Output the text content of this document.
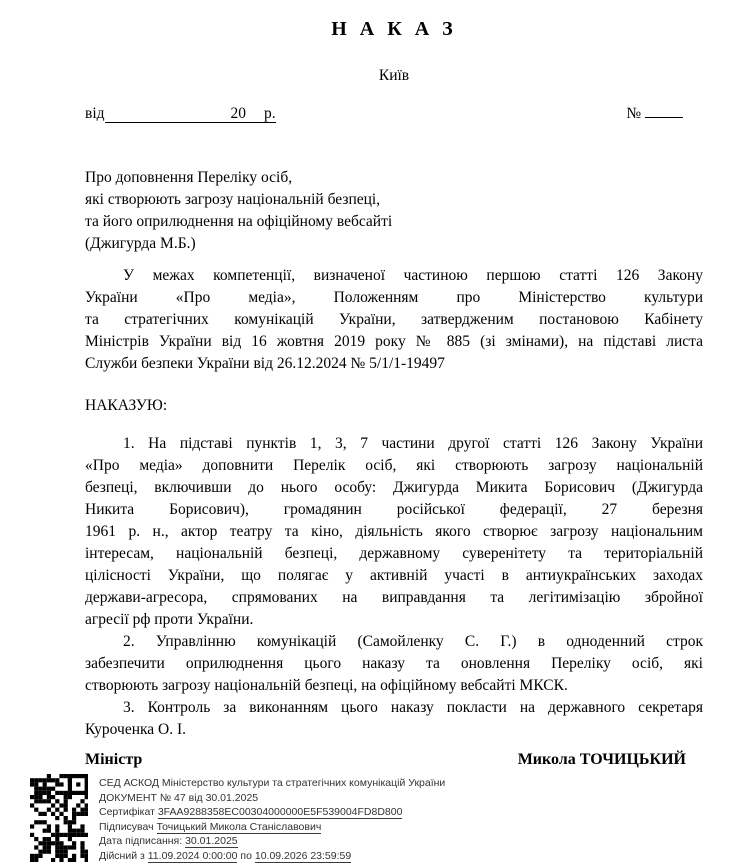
Н А К А З
Київ
від	20 р.	№
Про доповнення Переліку осіб,
які створюють загрозу національній безпеці,
та його оприлюднення на офіційному вебсайті
(Джигурда М.Б.)
У межах компетенції, визначеної частиною першою статті 126 Закону
України «Про медіа», Положенням про Міністерство культури
та стратегічних комунікацій України, затвердженим постановою Кабінету
Міністрів України від 16 жовтня 2019 року № 885 (зі змінами), на підставі листа
Служби безпеки України від 26.12.2024 № 5/1/1-19497
НАКАЗУЮ:
1. На підставі пунктів 1, 3, 7 частини другої статті 126 Закону України
«Про медіа» доповнити Перелік осіб, які створюють загрозу національній
безпеці, включивши до нього особу: Джигурда Микита Борисович (Джигурда
Никита Борисович), громадянин російської федерації, 27 березня
1961 р. н., актор театру та кіно, діяльність якого створює загрозу національним
інтересам, національній безпеці, державному суверенітету та територіальній
цілісності України, що полягає у активній участі в антиукраїнських заходах
держави-агресора, спрямованих на виправдання та легітимізацію збройної
агресії рф проти України.
2. Управлінню комунікацій (Самойленку С. Г.) в одноденний строк
забезпечити оприлюднення цього наказу та оновлення Переліку осіб, які
створюють загрозу національній безпеці, на офіційному вебсайті МКСК.
3. Контроль за виконанням цього наказу покласти на державного секретаря
Куроченка О. І.
Міністр	Микола ТОЧИЦЬКИЙ
СЕД АСКОД Міністерство культури та стратегічних комунікацій України
ДОКУМЕНТ № 47 від 30.01.2025
Сертифікат 3FAA9288358EC00304000000E5F539004FD8D800
Підписувач Точицький Микола Станіславович
Дата підписання: 30.01.2025
Дійсний з 11.09.2024 0:00:00 по 10.09.2026 23:59:59
